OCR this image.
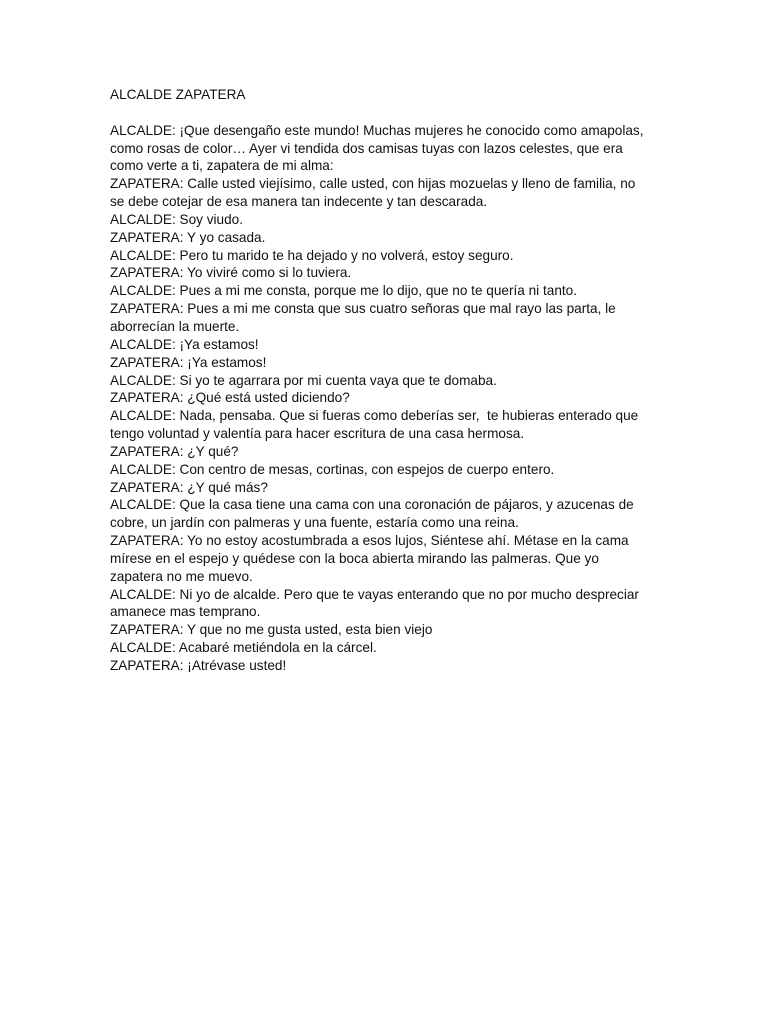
ALCALDE ZAPATERA
ALCALDE: ¡Que desengaño este mundo! Muchas mujeres he conocido como amapolas,
como rosas de color… Ayer vi tendida dos camisas tuyas con lazos celestes, que era
como verte a ti, zapatera de mi alma:
ZAPATERA: Calle usted viejísimo, calle usted, con hijas mozuelas y lleno de familia, no
se debe cotejar de esa manera tan indecente y tan descarada.
ALCALDE: Soy viudo.
ZAPATERA: Y yo casada.
ALCALDE: Pero tu marido te ha dejado y no volverá, estoy seguro.
ZAPATERA: Yo viviré como si lo tuviera.
ALCALDE: Pues a mi me consta, porque me lo dijo, que no te quería ni tanto.
ZAPATERA: Pues a mi me consta que sus cuatro señoras que mal rayo las parta, le
aborrecían la muerte.
ALCALDE: ¡Ya estamos!
ZAPATERA: ¡Ya estamos!
ALCALDE: Si yo te agarrara por mi cuenta vaya que te domaba.
ZAPATERA: ¿Qué está usted diciendo?
ALCALDE: Nada, pensaba. Que si fueras como deberías ser,  te hubieras enterado que
tengo voluntad y valentía para hacer escritura de una casa hermosa.
ZAPATERA: ¿Y qué?
ALCALDE: Con centro de mesas, cortinas, con espejos de cuerpo entero.
ZAPATERA: ¿Y qué más?
ALCALDE: Que la casa tiene una cama con una coronación de pájaros, y azucenas de
cobre, un jardín con palmeras y una fuente, estaría como una reina.
ZAPATERA: Yo no estoy acostumbrada a esos lujos, Siéntese ahí. Métase en la cama
mírese en el espejo y quédese con la boca abierta mirando las palmeras. Que yo
zapatera no me muevo.
ALCALDE: Ni yo de alcalde. Pero que te vayas enterando que no por mucho despreciar
amanece mas temprano.
ZAPATERA: Y que no me gusta usted, esta bien viejo
ALCALDE: Acabaré metiéndola en la cárcel.
ZAPATERA: ¡Atrévase usted!
